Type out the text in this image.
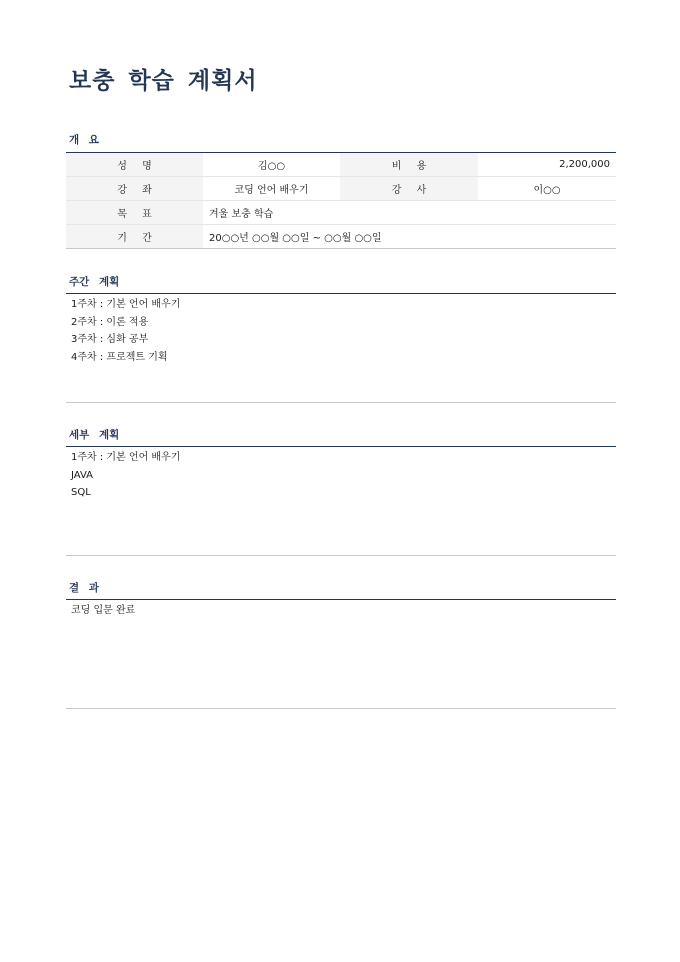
보충 학습 계획서
개 요
성 명	김○○	비 용	2,200,000
강 좌	코딩 언어 배우기	강 사	이○○
목 표	겨울 보충 학습		
기 간	20○○년 ○○월 ○○일 ~ ○○월 ○○일		
주간 계획
1주차 : 기본 언어 배우기
2주차 : 이론 적용
3주차 : 심화 공부
4주차 : 프로젝트 기획
세부 계획
1주차 : 기본 언어 배우기
JAVA
SQL
결 과
코딩 입문 완료
